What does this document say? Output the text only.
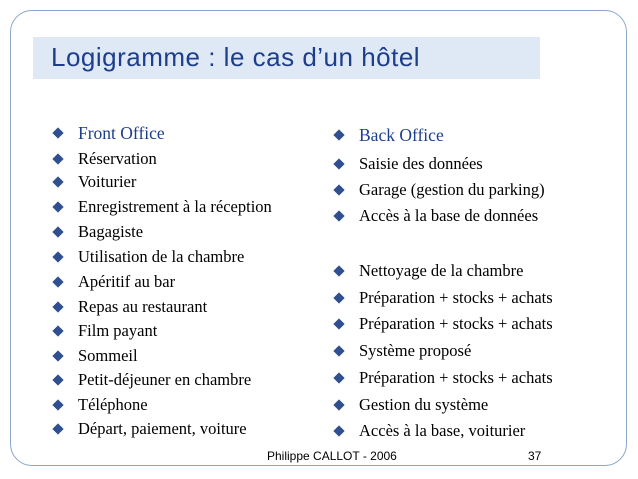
Logigramme : le cas d’un hôtel
Front Office
Réservation
Voiturier
Enregistrement à la réception
Bagagiste
Utilisation de la chambre
Apéritif au bar
Repas au restaurant
Film payant
Sommeil
Petit-déjeuner en chambre
Téléphone
Départ, paiement, voiture
Back Office
Saisie des données
Garage (gestion du parking)
Accès à la base de données
Nettoyage de la chambre
Préparation + stocks + achats
Préparation + stocks + achats
Système proposé
Préparation + stocks + achats
Gestion du système
Accès à la base, voiturier
Philippe CALLOT - 2006	37
